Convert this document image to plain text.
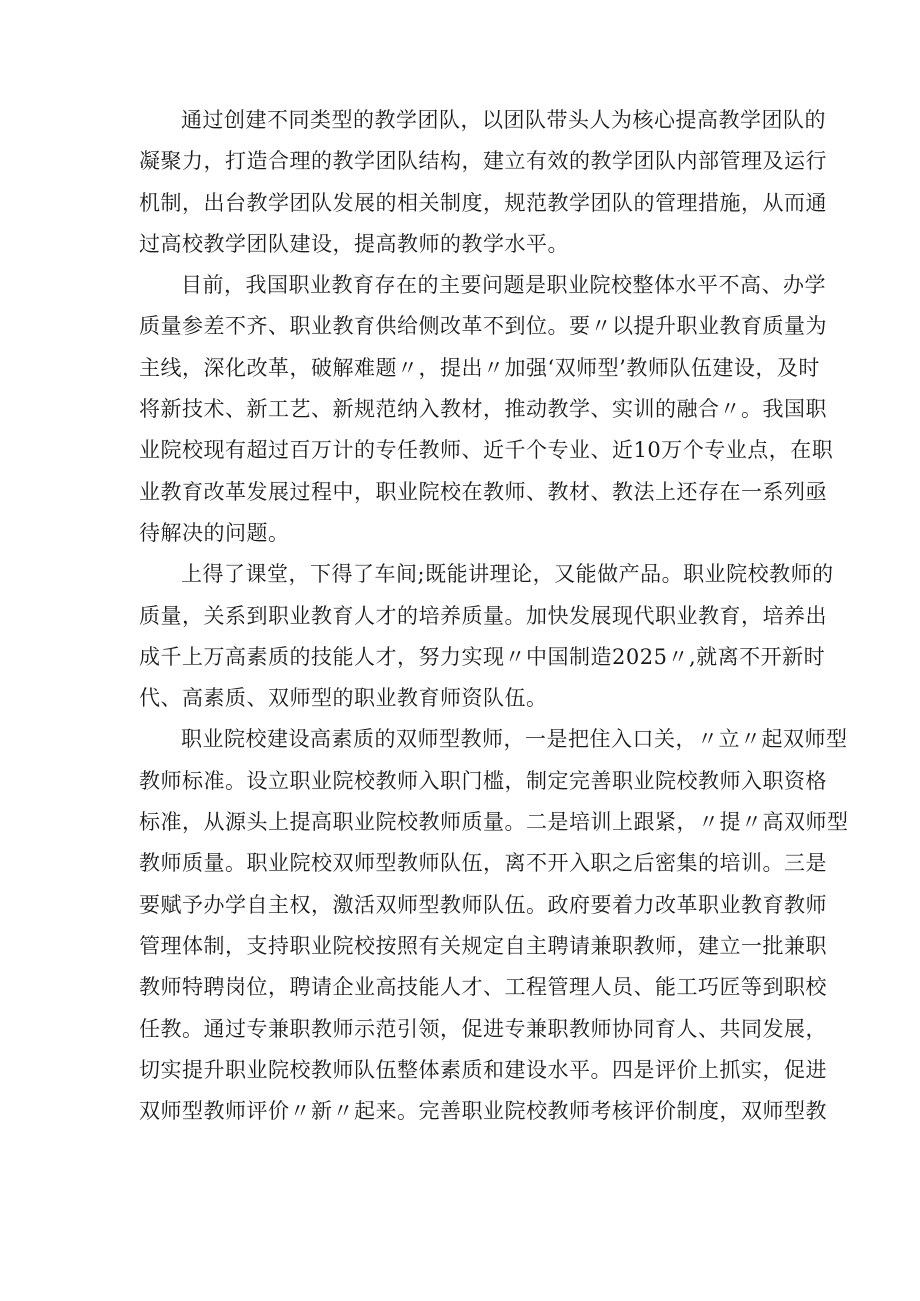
通过创建不同类型的教学团队，以团队带头人为核心提高教学团队的
凝聚力，打造合理的教学团队结构，建立有效的教学团队内部管理及运行
机制，出台教学团队发展的相关制度，规范教学团队的管理措施，从而通
过高校教学团队建设，提高教师的教学水平。

目前，我国职业教育存在的主要问题是职业院校整体水平不高、办学
质量参差不齐、职业教育供给侧改革不到位。要〃以提升职业教育质量为
主线，深化改革，破解难题〃，提出〃加强‘双师型’教师队伍建设，及时
将新技术、新工艺、新规范纳入教材，推动教学、实训的融合〃。我国职
业院校现有超过百万计的专任教师、近千个专业、近10万个专业点，在职
业教育改革发展过程中，职业院校在教师、教材、教法上还存在一系列亟
待解决的问题。

上得了课堂，下得了车间;既能讲理论，又能做产品。职业院校教师的
质量，关系到职业教育人才的培养质量。加快发展现代职业教育，培养出
成千上万高素质的技能人才，努力实现〃中国制造2025〃,就离不开新时
代、高素质、双师型的职业教育师资队伍。

职业院校建设高素质的双师型教师，一是把住入口关，〃立〃起双师型
教师标准。设立职业院校教师入职门槛，制定完善职业院校教师入职资格
标准，从源头上提高职业院校教师质量。二是培训上跟紧，〃提〃高双师型
教师质量。职业院校双师型教师队伍，离不开入职之后密集的培训。三是
要赋予办学自主权，激活双师型教师队伍。政府要着力改革职业教育教师
管理体制，支持职业院校按照有关规定自主聘请兼职教师，建立一批兼职
教师特聘岗位，聘请企业高技能人才、工程管理人员、能工巧匠等到职校
任教。通过专兼职教师示范引领，促进专兼职教师协同育人、共同发展，
切实提升职业院校教师队伍整体素质和建设水平。四是评价上抓实，促进
双师型教师评价〃新〃起来。完善职业院校教师考核评价制度，双师型教
